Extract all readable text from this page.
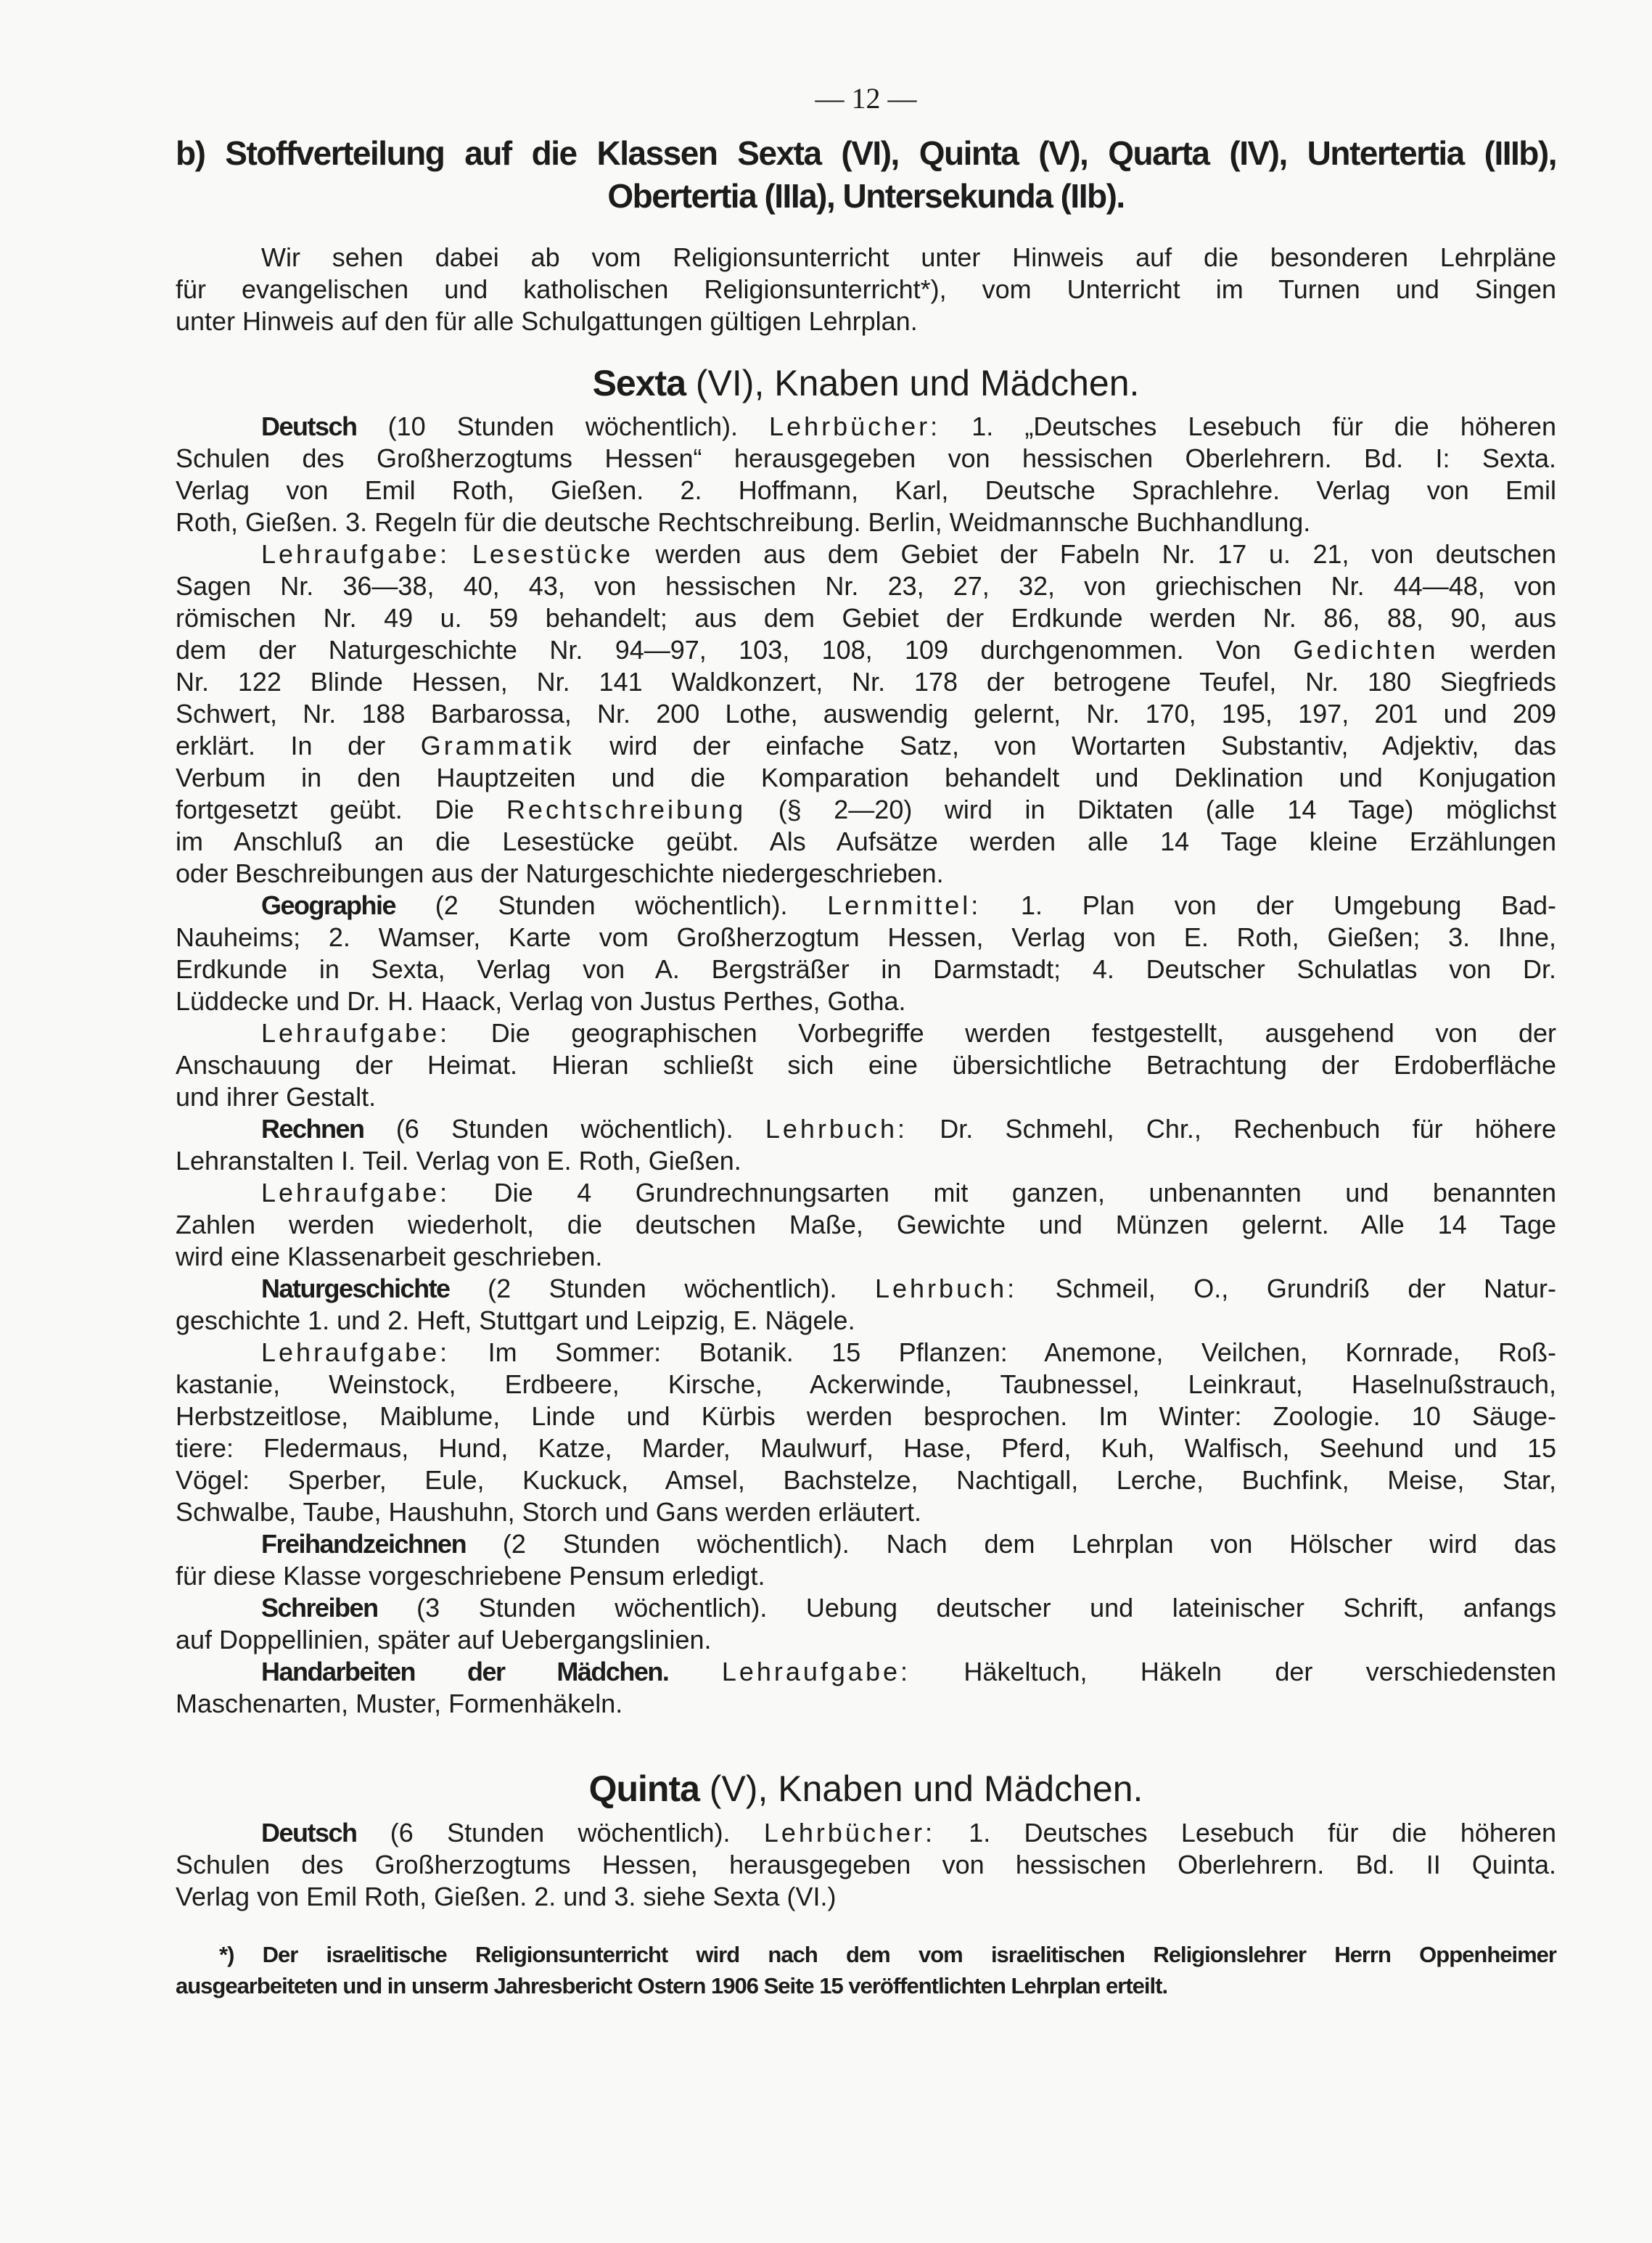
— 12 —
b) Stoffverteilung auf die Klassen Sexta (VI), Quinta (V), Quarta (IV), Untertertia (IIIb),
Obertertia (IIIa), Untersekunda (IIb).
Wir sehen dabei ab vom Religionsunterricht unter Hinweis auf die besonderen Lehrpläne
für evangelischen und katholischen Religionsunterricht*), vom Unterricht im Turnen und Singen
unter Hinweis auf den für alle Schulgattungen gültigen Lehrplan.
Sexta (VI), Knaben und Mädchen.
Deutsch (10 Stunden wöchentlich). Lehrbücher: 1. „Deutsches Lesebuch für die höheren
Schulen des Großherzogtums Hessen“ herausgegeben von hessischen Oberlehrern. Bd. I: Sexta.
Verlag von Emil Roth, Gießen. 2. Hoffmann, Karl, Deutsche Sprachlehre. Verlag von Emil
Roth, Gießen. 3. Regeln für die deutsche Rechtschreibung. Berlin, Weidmannsche Buchhandlung.
Lehraufgabe: Lesestücke werden aus dem Gebiet der Fabeln Nr. 17 u. 21, von deutschen
Sagen Nr. 36—38, 40, 43, von hessischen Nr. 23, 27, 32, von griechischen Nr. 44—48, von
römischen Nr. 49 u. 59 behandelt; aus dem Gebiet der Erdkunde werden Nr. 86, 88, 90, aus
dem der Naturgeschichte Nr. 94—97, 103, 108, 109 durchgenommen. Von Gedichten werden
Nr. 122 Blinde Hessen, Nr. 141 Waldkonzert, Nr. 178 der betrogene Teufel, Nr. 180 Siegfrieds
Schwert, Nr. 188 Barbarossa, Nr. 200 Lothe, auswendig gelernt, Nr. 170, 195, 197, 201 und 209
erklärt. In der Grammatik wird der einfache Satz, von Wortarten Substantiv, Adjektiv, das
Verbum in den Hauptzeiten und die Komparation behandelt und Deklination und Konjugation
fortgesetzt geübt. Die Rechtschreibung (§ 2—20) wird in Diktaten (alle 14 Tage) möglichst
im Anschluß an die Lesestücke geübt. Als Aufsätze werden alle 14 Tage kleine Erzählungen
oder Beschreibungen aus der Naturgeschichte niedergeschrieben.
Geographie (2 Stunden wöchentlich). Lernmittel: 1. Plan von der Umgebung Bad-
Nauheims; 2. Wamser, Karte vom Großherzogtum Hessen, Verlag von E. Roth, Gießen; 3. Ihne,
Erdkunde in Sexta, Verlag von A. Bergsträßer in Darmstadt; 4. Deutscher Schulatlas von Dr.
Lüddecke und Dr. H. Haack, Verlag von Justus Perthes, Gotha.
Lehraufgabe: Die geographischen Vorbegriffe werden festgestellt, ausgehend von der
Anschauung der Heimat. Hieran schließt sich eine übersichtliche Betrachtung der Erdoberfläche
und ihrer Gestalt.
Rechnen (6 Stunden wöchentlich). Lehrbuch: Dr. Schmehl, Chr., Rechenbuch für höhere
Lehranstalten I. Teil. Verlag von E. Roth, Gießen.
Lehraufgabe: Die 4 Grundrechnungsarten mit ganzen, unbenannten und benannten
Zahlen werden wiederholt, die deutschen Maße, Gewichte und Münzen gelernt. Alle 14 Tage
wird eine Klassenarbeit geschrieben.
Naturgeschichte (2 Stunden wöchentlich). Lehrbuch: Schmeil, O., Grundriß der Natur-
geschichte 1. und 2. Heft, Stuttgart und Leipzig, E. Nägele.
Lehraufgabe: Im Sommer: Botanik. 15 Pflanzen: Anemone, Veilchen, Kornrade, Roß-
kastanie, Weinstock, Erdbeere, Kirsche, Ackerwinde, Taubnessel, Leinkraut, Haselnußstrauch,
Herbstzeitlose, Maiblume, Linde und Kürbis werden besprochen. Im Winter: Zoologie. 10 Säuge-
tiere: Fledermaus, Hund, Katze, Marder, Maulwurf, Hase, Pferd, Kuh, Walfisch, Seehund und 15
Vögel: Sperber, Eule, Kuckuck, Amsel, Bachstelze, Nachtigall, Lerche, Buchfink, Meise, Star,
Schwalbe, Taube, Haushuhn, Storch und Gans werden erläutert.
Freihandzeichnen (2 Stunden wöchentlich). Nach dem Lehrplan von Hölscher wird das
für diese Klasse vorgeschriebene Pensum erledigt.
Schreiben (3 Stunden wöchentlich). Uebung deutscher und lateinischer Schrift, anfangs
auf Doppellinien, später auf Uebergangslinien.
Handarbeiten der Mädchen. Lehraufgabe: Häkeltuch, Häkeln der verschiedensten
Maschenarten, Muster, Formenhäkeln.
Quinta (V), Knaben und Mädchen.
Deutsch (6 Stunden wöchentlich). Lehrbücher: 1. Deutsches Lesebuch für die höheren
Schulen des Großherzogtums Hessen, herausgegeben von hessischen Oberlehrern. Bd. II Quinta.
Verlag von Emil Roth, Gießen. 2. und 3. siehe Sexta (VI.)
*) Der israelitische Religionsunterricht wird nach dem vom israelitischen Religionslehrer Herrn Oppenheimer
ausgearbeiteten und in unserm Jahresbericht Ostern 1906 Seite 15 veröffentlichten Lehrplan erteilt.
